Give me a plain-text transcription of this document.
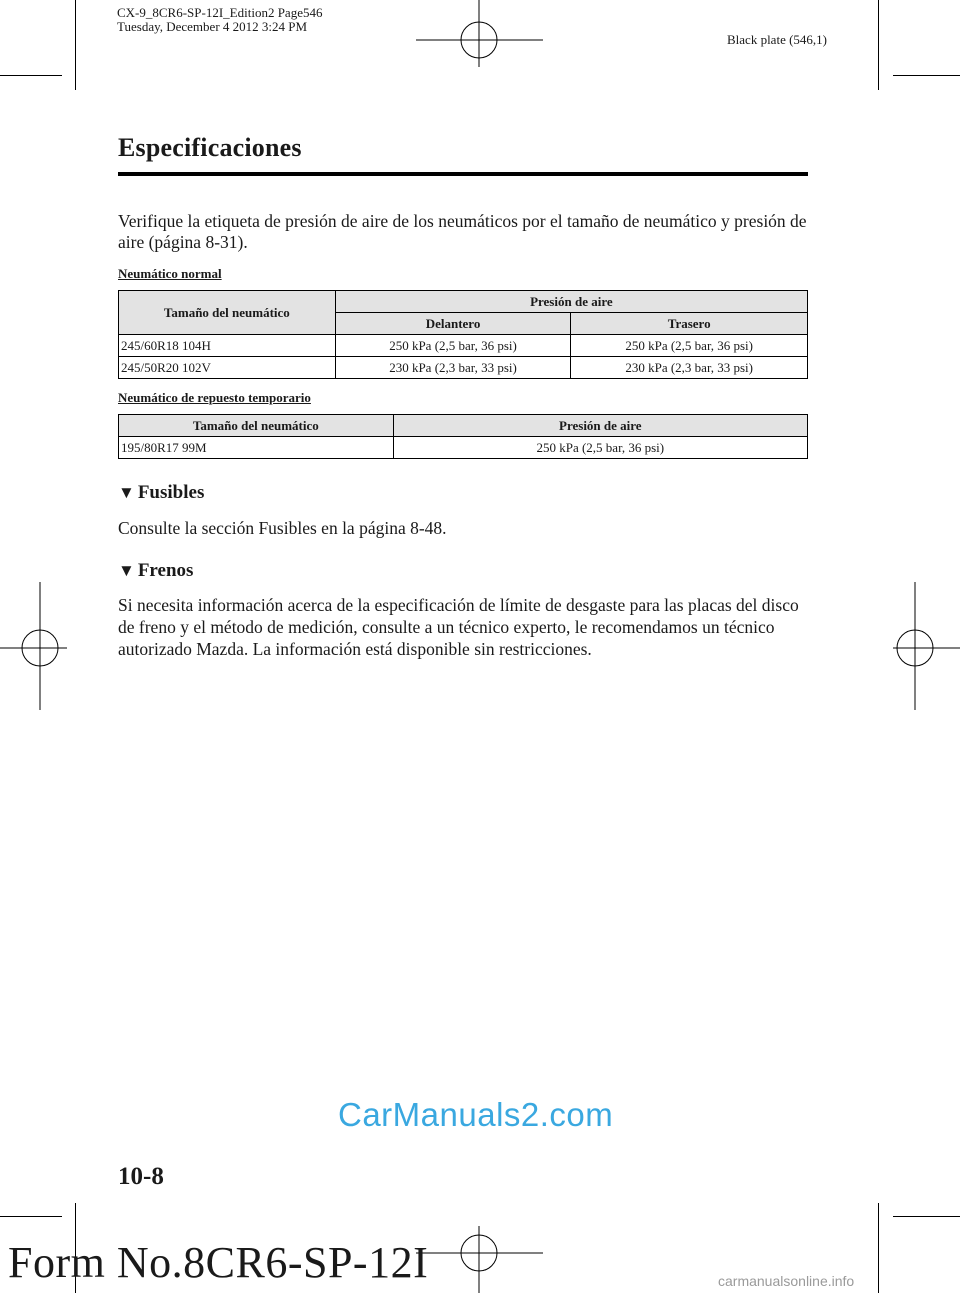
CX-9_8CR6-SP-12I_Edition2 Page546
Tuesday, December 4 2012 3:24 PM
Black plate (546,1)
Especificaciones
Verifique la etiqueta de presión de aire de los neumáticos por el tamaño de neumático y presión de aire (página 8-31).
Neumático normal
Tamaño del neumático	Presión de aire	
	Delantero	Trasero
245/60R18 104H	250 kPa (2,5 bar, 36 psi)	250 kPa (2,5 bar, 36 psi)
245/50R20 102V	230 kPa (2,3 bar, 33 psi)	230 kPa (2,3 bar, 33 psi)
Neumático de repuesto temporario
Tamaño del neumático	Presión de aire
195/80R17 99M	250 kPa (2,5 bar, 36 psi)
▼ Fusibles
Consulte la sección Fusibles en la página 8-48.
▼ Frenos
Si necesita información acerca de la especificación de límite de desgaste para las placas del disco de freno y el método de medición, consulte a un técnico experto, le recomendamos un técnico autorizado Mazda. La información está disponible sin restricciones.
CarManuals2.com
10-8
Form No.8CR6-SP-12I	carmanualsonline.info
